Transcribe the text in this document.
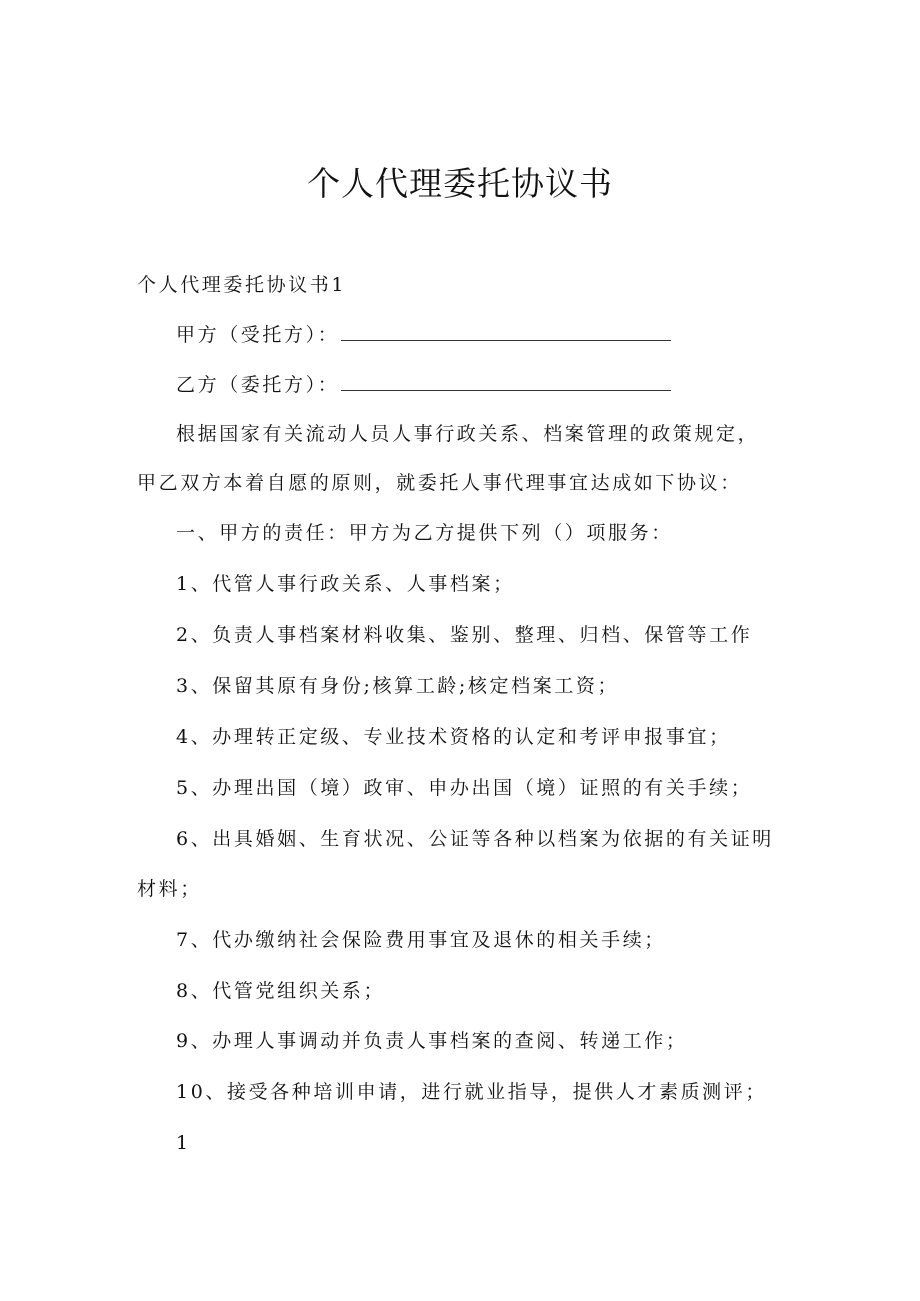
个人代理委托协议书
个人代理委托协议书1
甲方（受托方）：
乙方（委托方）：
根据国家有关流动人员人事行政关系、档案管理的政策规定，
甲乙双方本着自愿的原则，就委托人事代理事宜达成如下协议：
一、甲方的责任：甲方为乙方提供下列（）项服务：
1、代管人事行政关系、人事档案；
2、负责人事档案材料收集、鉴别、整理、归档、保管等工作
3、保留其原有身份;核算工龄;核定档案工资；
4、办理转正定级、专业技术资格的认定和考评申报事宜；
5、办理出国（境）政审、申办出国（境）证照的有关手续；
6、出具婚姻、生育状况、公证等各种以档案为依据的有关证明
材料；
7、代办缴纳社会保险费用事宜及退休的相关手续；
8、代管党组织关系；
9、办理人事调动并负责人事档案的查阅、转递工作；
10、接受各种培训申请，进行就业指导，提供人才素质测评；
1
